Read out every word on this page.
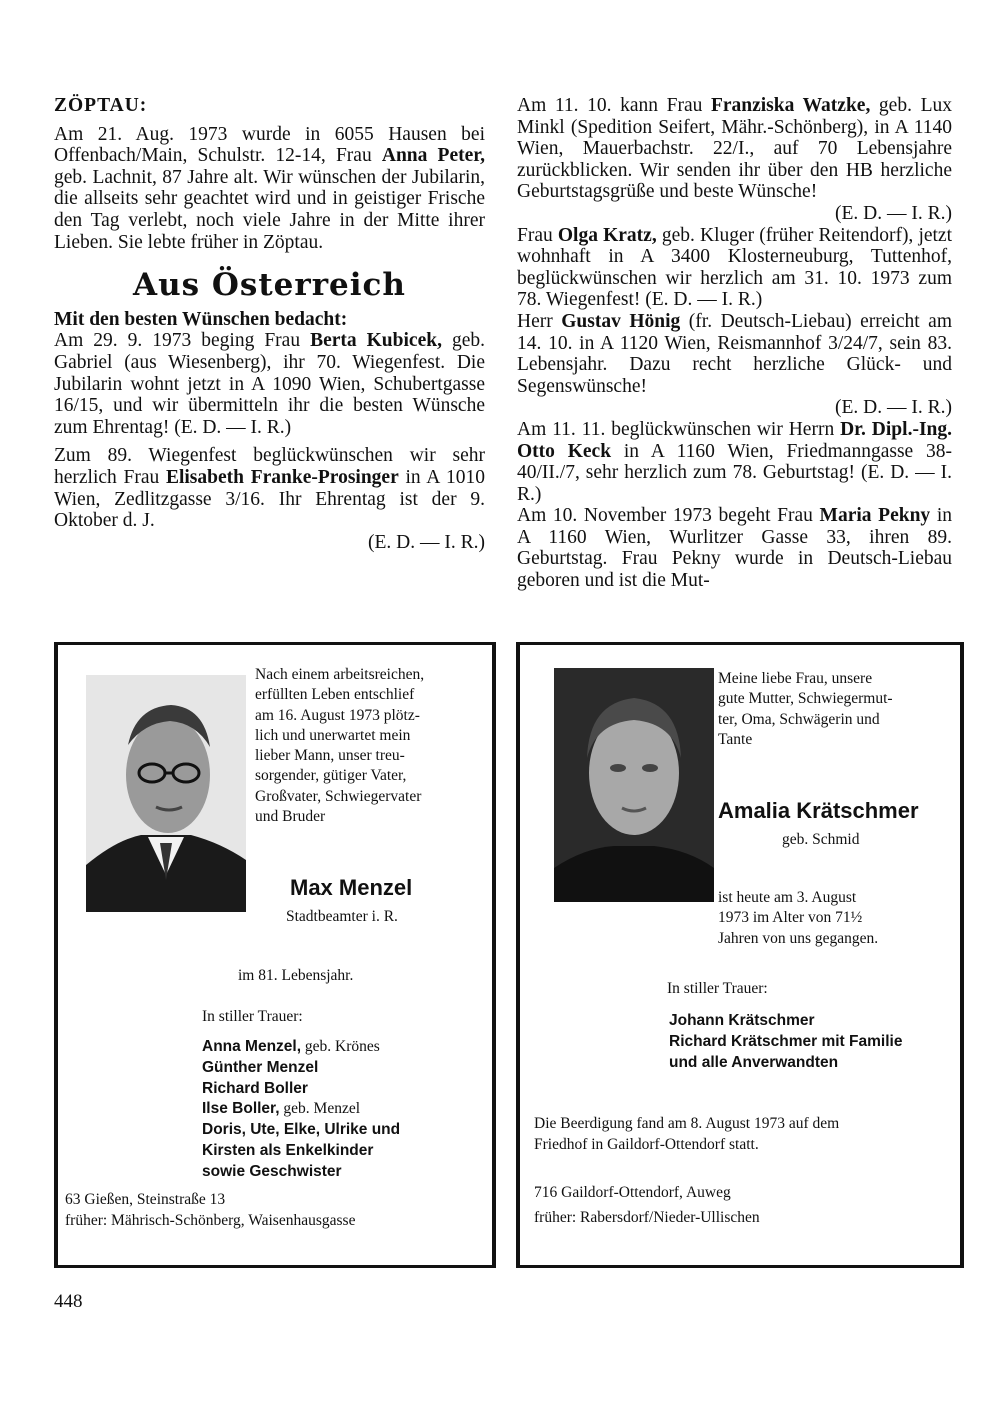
ZÖPTAU:

Am 21. Aug. 1973 wurde in 6055 Hausen bei Offenbach/Main, Schulstr. 12-14, Frau Anna Peter, geb. Lachnit, 87 Jahre alt. Wir wünschen der Jubilarin, die allseits sehr geachtet wird und in geistiger Frische den Tag verlebt, noch viele Jahre in der Mitte ihrer Lieben. Sie lebte früher in Zöptau.

Aus Österreich

Mit den besten Wünschen bedacht:

Am 29. 9. 1973 beging Frau Berta Kubicek, geb. Gabriel (aus Wiesenberg), ihr 70. Wiegenfest. Die Jubilarin wohnt jetzt in A 1090 Wien, Schubertgasse 16/15, und wir übermitteln ihr die besten Wünsche zum Ehrentag! (E. D. — I. R.)

Zum 89. Wiegenfest beglückwünschen wir sehr herzlich Frau Elisabeth Franke-Prosinger in A 1010 Wien, Zedlitzgasse 3/16. Ihr Ehrentag ist der 9. Oktober d. J.

(E. D. — I. R.)

Am 11. 10. kann Frau Franziska Watzke, geb. Lux Minkl (Spedition Seifert, Mähr.-Schönberg), in A 1140 Wien, Mauerbachstr. 22/I., auf 70 Lebensjahre zurückblicken. Wir senden ihr über den HB herzliche Geburtstagsgrüße und beste Wünsche!

(E. D. — I. R.)

Frau Olga Kratz, geb. Kluger (früher Reitendorf), jetzt wohnhaft in A 3400 Klosterneuburg, Tuttenhof, beglückwünschen wir herzlich am 31. 10. 1973 zum 78. Wiegenfest! (E. D. — I. R.)

Herr Gustav Hönig (fr. Deutsch-Liebau) erreicht am 14. 10. in A 1120 Wien, Reismannhof 3/24/7, sein 83. Lebensjahr. Dazu recht herzliche Glück- und Segenswünsche!

(E. D. — I. R.)

Am 11. 11. beglückwünschen wir Herrn Dr. Dipl.-Ing. Otto Keck in A 1160 Wien, Friedmanngasse 38-40/II./7, sehr herzlich zum 78. Geburtstag! (E. D. — I. R.)

Am 10. November 1973 begeht Frau Maria Pekny in A 1160 Wien, Wurlitzer Gasse 33, ihren 89. Geburtstag. Frau Pekny wurde in Deutsch-Liebau geboren und ist die Mut-

Nach einem arbeitsreichen,
erfüllten Leben entschlief
am 16. August 1973 plötz-
lich und unerwartet mein
lieber Mann, unser treu-
sorgender, gütiger Vater,
Großvater, Schwiegervater
und Bruder
Max Menzel
Stadtbeamter i. R.
im 81. Lebensjahr.
In stiller Trauer:
Anna Menzel, geb. Krönes
Günther Menzel
Richard Boller
Ilse Boller, geb. Menzel
Doris, Ute, Elke, Ulrike und
Kirsten als Enkelkinder
sowie Geschwister
63 Gießen, Steinstraße 13
früher: Mährisch-Schönberg, Waisenhausgasse
Meine liebe Frau, unsere
gute Mutter, Schwiegermut-
ter, Oma, Schwägerin und
Tante
Amalia Krätschmer
geb. Schmid
ist heute am 3. August
1973 im Alter von 71½
Jahren von uns gegangen.
In stiller Trauer:
Johann Krätschmer
Richard Krätschmer mit Familie
und alle Anverwandten
Die Beerdigung fand am 8. August 1973 auf dem
Friedhof in Gaildorf-Ottendorf statt.
716 Gaildorf-Ottendorf, Auweg
früher: Rabersdorf/Nieder-Ullischen
448
